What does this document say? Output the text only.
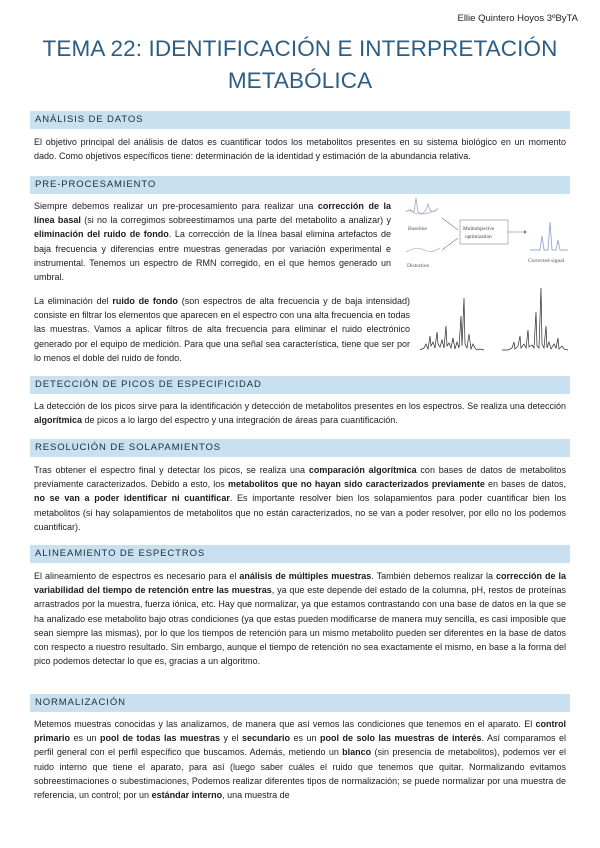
Ellie Quintero Hoyos 3ºByTA
TEMA 22: IDENTIFICACIÓN E INTERPRETACIÓN
METABÓLICA
ANÁLISIS DE DATOS

El objetivo principal del análisis de datos es cuantificar todos los metabolitos presentes en su sistema biológico en un momento dado. Como objetivos específicos tiene: determinación de la identidad y estimación de la abundancia relativa.

PRE-PROCESAMIENTO

Siempre debemos realizar un pre-procesamiento para realizar una corrección de la línea basal (si no la corregimos sobreestimamos una parte del metabolito a analizar) y eliminación del ruido de fondo. La corrección de la línea basal elimina artefactos de baja frecuencia y diferencias entre muestras generadas por variación experimental e instrumental. Tenemos un espectro de RMN corregido, en el que hemos generado un umbral.

Baseline
Distortion
Multiobjective
optimization
Corrected signal

La eliminación del ruido de fondo (son espectros de alta frecuencia y de baja intensidad) consiste en filtrar los elementos que aparecen en el espectro con una alta frecuencia en todas las muestras. Vamos a aplicar filtros de alta frecuencia para eliminar el ruido electrónico generado por el equipo de medición. Para que una señal sea característica, tiene que ser por lo menos el doble del ruido de fondo.

DETECCIÓN DE PICOS DE ESPECIFICIDAD

La detección de los picos sirve para la identificación y detección de metabolitos presentes en los espectros. Se realiza una detección algorítmica de picos a lo largo del espectro y una integración de áreas para cuantificación.

RESOLUCIÓN DE SOLAPAMIENTOS

Tras obtener el espectro final y detectar los picos, se realiza una comparación algorítmica con bases de datos de metabolitos previamente caracterizados. Debido a esto, los metabolitos que no hayan sido caracterizados previamente en bases de datos, no se van a poder identificar ni cuantificar. Es importante resolver bien los solapamientos para poder cuantificar bien los metabolitos (si hay solapamientos de metabolitos que no están caracterizados, no se van a poder resolver, por ello no los podemos cuantificar).

ALINEAMIENTO DE ESPECTROS

El alineamiento de espectros es necesario para el análisis de múltiples muestras. También debemos realizar la corrección de la variabilidad del tiempo de retención entre las muestras, ya que este depende del estado de la columna, pH, restos de proteínas arrastrados por la muestra, fuerza iónica, etc. Hay que normalizar, ya que estamos contrastando con una base de datos en la que se ha analizado ese metabolito bajo otras condiciones (ya que estas pueden modificarse de manera muy sencilla, es casi imposible que sean siempre las mismas), por lo que los tiempos de retención para un mismo metabolito pueden ser diferentes en la base de datos con respecto a nuestro resultado. Sin embargo, aunque el tiempo de retención no sea exactamente el mismo, en base a la forma del pico podemos detectar lo que es, gracias a un algoritmo.

NORMALIZACIÓN

Metemos muestras conocidas y las analizamos, de manera que así vemos las condiciones que tenemos en el aparato. El control primario es un pool de todas las muestras y el secundario es un pool de solo las muestras de interés. Así comparamos el perfil general con el perfil específico que buscamos. Además, metiendo un blanco (sin presencia de metabolitos), podemos ver el ruido interno que tiene el aparato, para así (luego saber cuáles el ruido que tenemos que quitar. Normalizando evitamos sobreestimaciones o subestimaciones, Podemos realizar diferentes tipos de normalización; se puede normalizar por una muestra de referencia, un control; por un estándar interno, una muestra de
